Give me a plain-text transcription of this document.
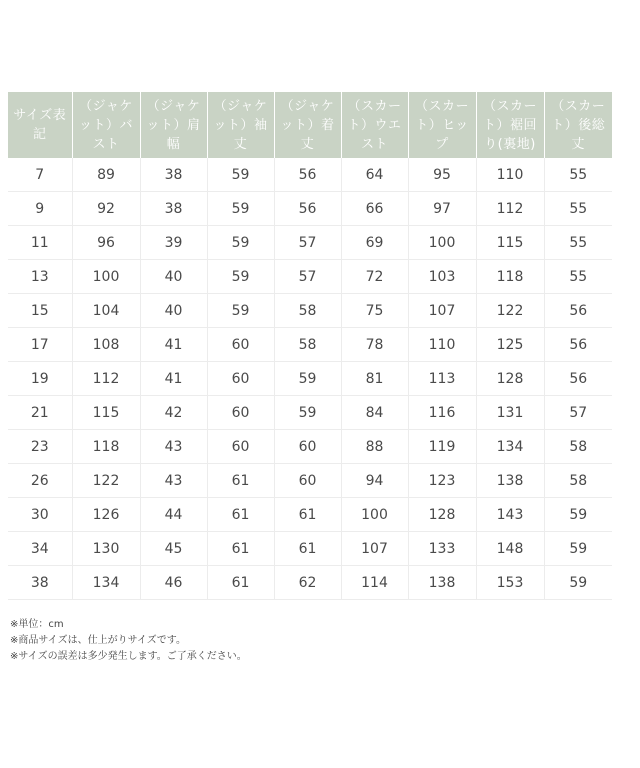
サイズ表記	（ジャケット）バスト	（ジャケット）肩幅	（ジャケット）袖丈	（ジャケット）着丈	（スカート）ウエスト	（スカート）ヒップ	（スカート）裾回り(裏地)	（スカート）後総丈
7	89	38	59	56	64	95	110	55
9	92	38	59	56	66	97	112	55
11	96	39	59	57	69	100	115	55
13	100	40	59	57	72	103	118	55
15	104	40	59	58	75	107	122	56
17	108	41	60	58	78	110	125	56
19	112	41	60	59	81	113	128	56
21	115	42	60	59	84	116	131	57
23	118	43	60	60	88	119	134	58
26	122	43	61	60	94	123	138	58
30	126	44	61	61	100	128	143	59
34	130	45	61	61	107	133	148	59
38	134	46	61	62	114	138	153	59
※単位：cm
※商品サイズは、仕上がりサイズです。
※サイズの誤差は多少発生します。ご了承ください。
